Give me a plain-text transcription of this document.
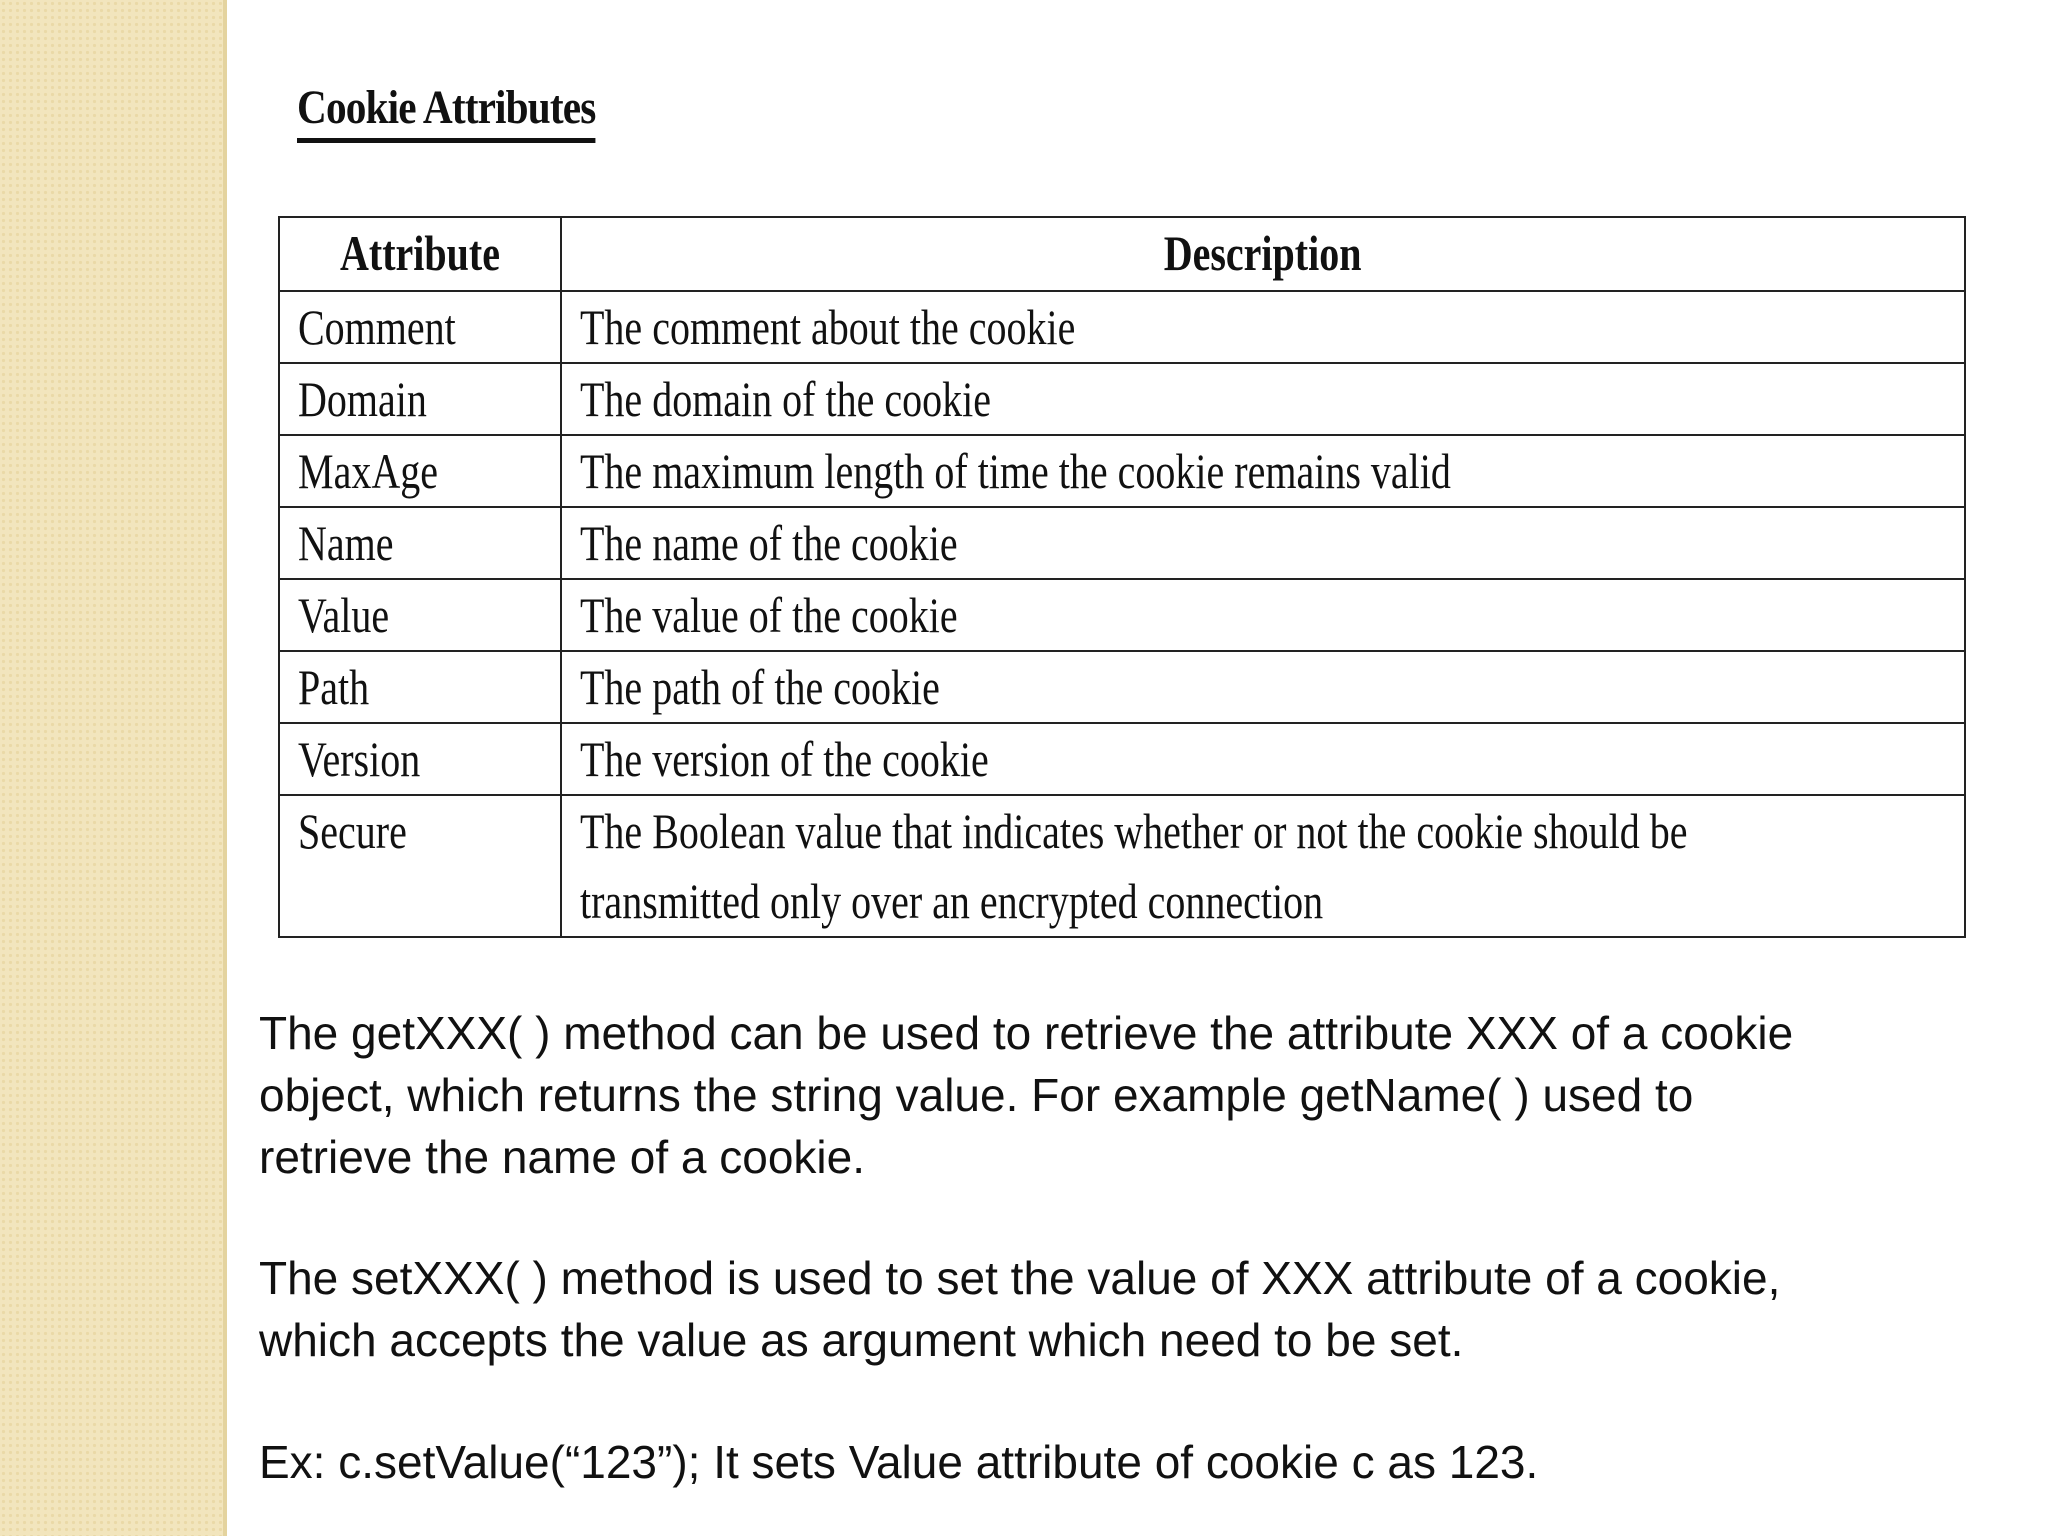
Cookie Attributes
Attribute	Description
Comment	The comment about the cookie
Domain	The domain of the cookie
MaxAge	The maximum length of time the cookie remains valid
Name	The name of the cookie
Value	The value of the cookie
Path	The path of the cookie
Version	The version of the cookie
Secure	The Boolean value that indicates whether or not the cookie should be
transmitted only over an encrypted connection

The getXXX( ) method can be used to retrieve the attribute XXX of a cookie
object, which returns the string value. For example getName( ) used to
retrieve the name of a cookie.

The setXXX( ) method is used to set the value of XXX attribute of a cookie,
which accepts the value as argument which need to be set.

Ex: c.setValue(“123”); It sets Value attribute of cookie c as 123.
